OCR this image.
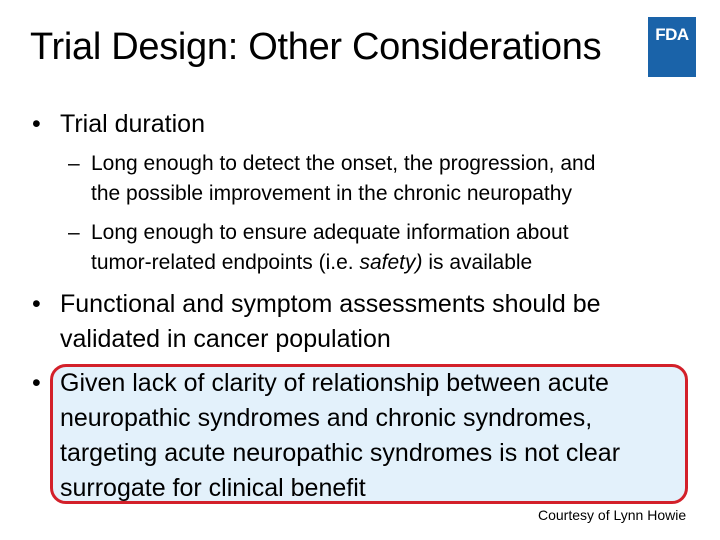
Trial Design: Other Considerations	FDA
• Trial duration
– Long enough to detect the onset, the progression, and
the possible improvement in the chronic neuropathy
– Long enough to ensure adequate information about
tumor-related endpoints (i.e. safety) is available
• Functional and symptom assessments should be
validated in cancer population
• Given lack of clarity of relationship between acute
neuropathic syndromes and chronic syndromes,
targeting acute neuropathic syndromes is not clear
surrogate for clinical benefit
Courtesy of Lynn Howie
